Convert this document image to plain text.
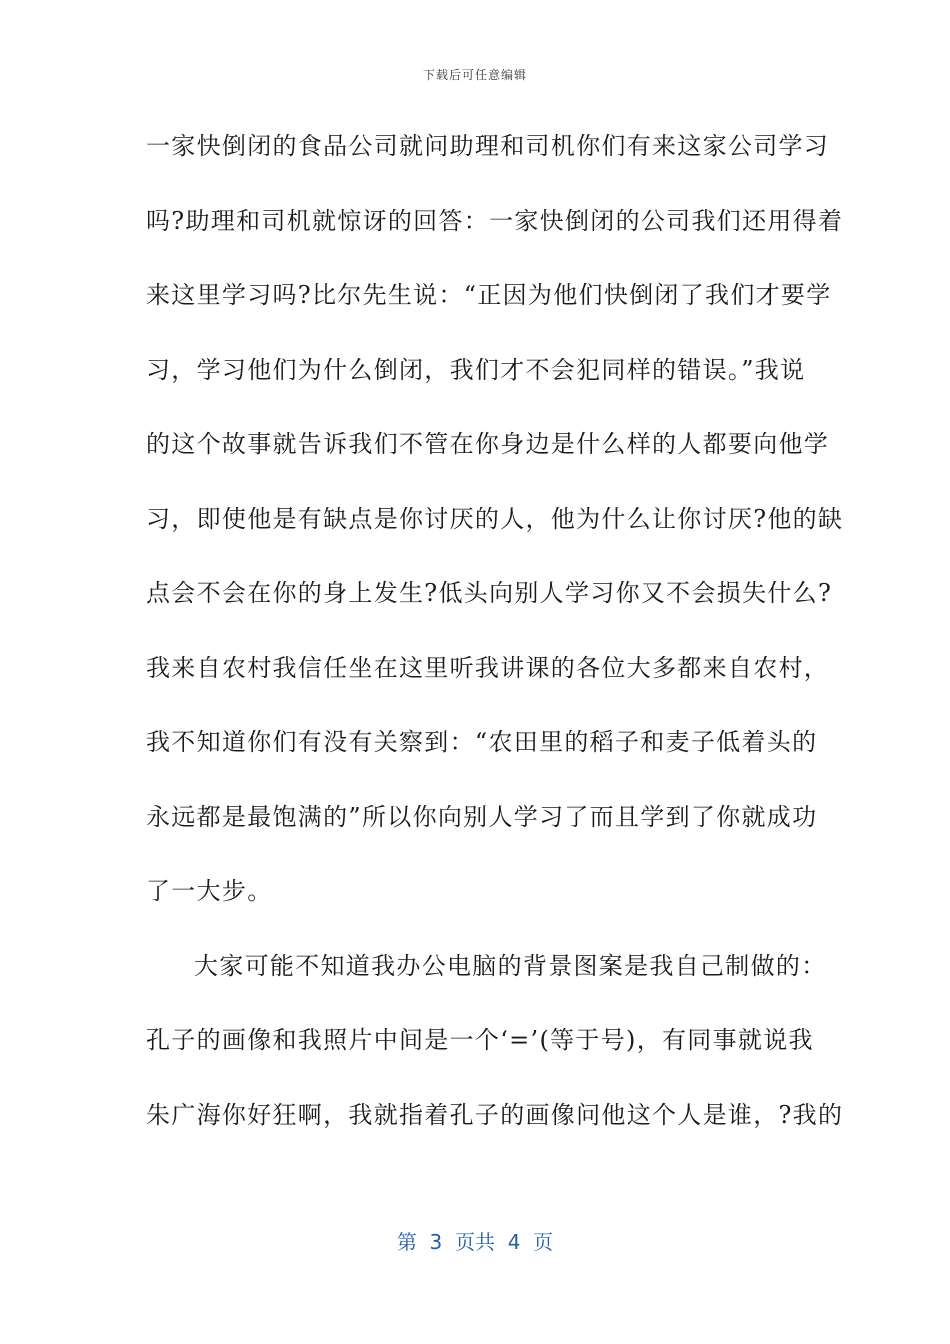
下载后可任意编辑
一家快倒闭的食品公司就问助理和司机你们有来这家公司学习
吗?助理和司机就惊讶的回答：一家快倒闭的公司我们还用得着
来这里学习吗?比尔先生说：“正因为他们快倒闭了我们才要学
习，学习他们为什么倒闭，我们才不会犯同样的错误。”我说
的这个故事就告诉我们不管在你身边是什么样的人都要向他学
习，即使他是有缺点是你讨厌的人，他为什么让你讨厌?他的缺
点会不会在你的身上发生?低头向别人学习你又不会损失什么?
我来自农村我信任坐在这里听我讲课的各位大多都来自农村，
我不知道你们有没有关察到：“农田里的稻子和麦子低着头的
永远都是最饱满的”所以你向别人学习了而且学到了你就成功
了一大步。
大家可能不知道我办公电脑的背景图案是我自己制做的：
孔子的画像和我照片中间是一个‘=’(等于号)，有同事就说我
朱广海你好狂啊，我就指着孔子的画像问他这个人是谁，?我的
第  3  页共  4  页
